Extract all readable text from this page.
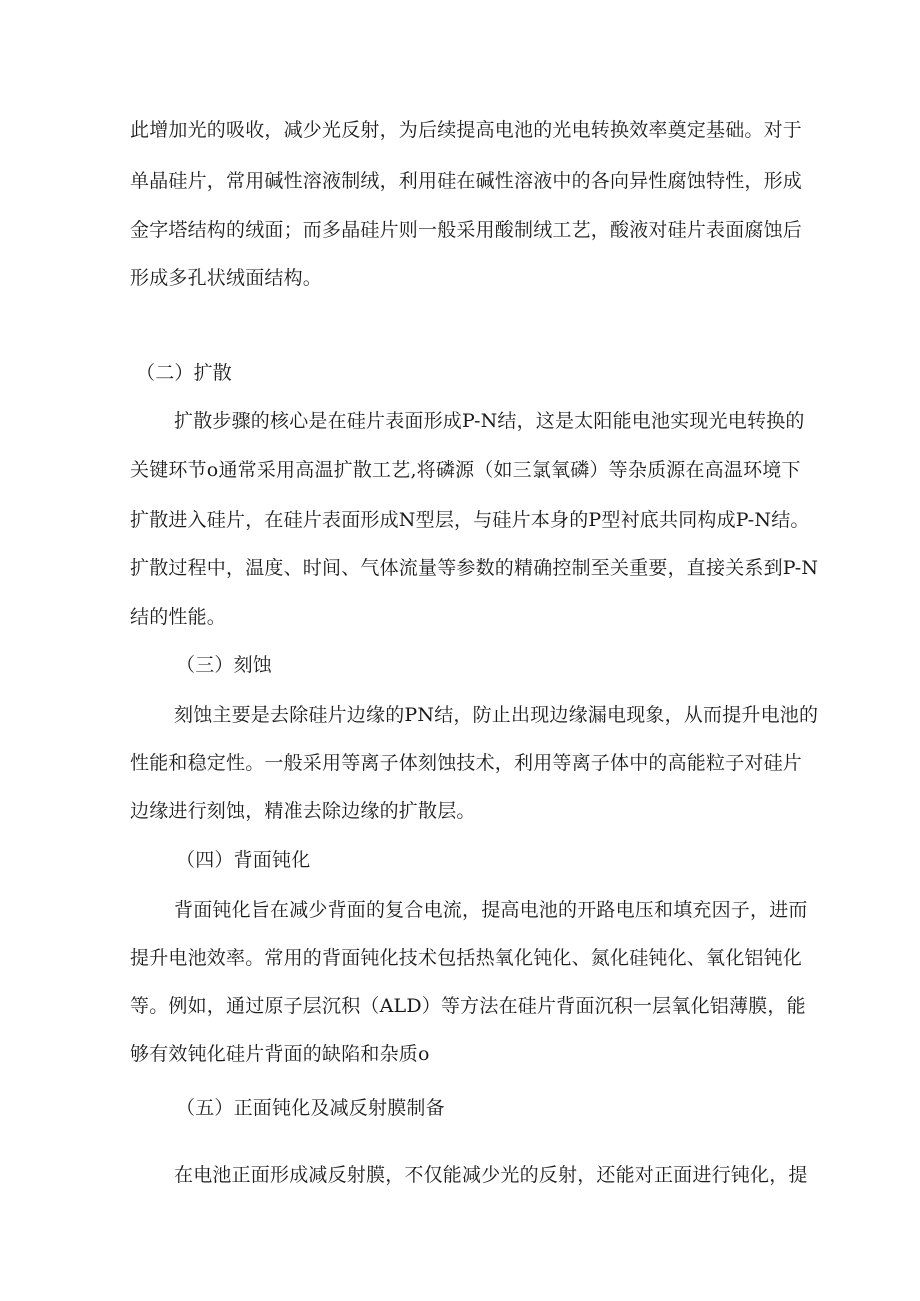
此增加光的吸收，减少光反射，为后续提高电池的光电转换效率奠定基础。对于
单晶硅片，常用碱性溶液制绒，利用硅在碱性溶液中的各向异性腐蚀特性，形成
金字塔结构的绒面；而多晶硅片则一般采用酸制绒工艺，酸液对硅片表面腐蚀后
形成多孔状绒面结构。
（二）扩散
扩散步骤的核心是在硅片表面形成P-N结，这是太阳能电池实现光电转换的
关键环节o通常采用高温扩散工艺,将磷源（如三氯氧磷）等杂质源在高温环境下
扩散进入硅片，在硅片表面形成N型层，与硅片本身的P型衬底共同构成P-N结。
扩散过程中，温度、时间、气体流量等参数的精确控制至关重要，直接关系到P-N
结的性能。
（三）刻蚀
刻蚀主要是去除硅片边缘的PN结，防止出现边缘漏电现象，从而提升电池的
性能和稳定性。一般采用等离子体刻蚀技术，利用等离子体中的高能粒子对硅片
边缘进行刻蚀，精准去除边缘的扩散层。
（四）背面钝化
背面钝化旨在减少背面的复合电流，提高电池的开路电压和填充因子，进而
提升电池效率。常用的背面钝化技术包括热氧化钝化、氮化硅钝化、氧化铝钝化
等。例如，通过原子层沉积（ALD）等方法在硅片背面沉积一层氧化铝薄膜，能
够有效钝化硅片背面的缺陷和杂质o
（五）正面钝化及减反射膜制备
在电池正面形成减反射膜，不仅能减少光的反射，还能对正面进行钝化，提
